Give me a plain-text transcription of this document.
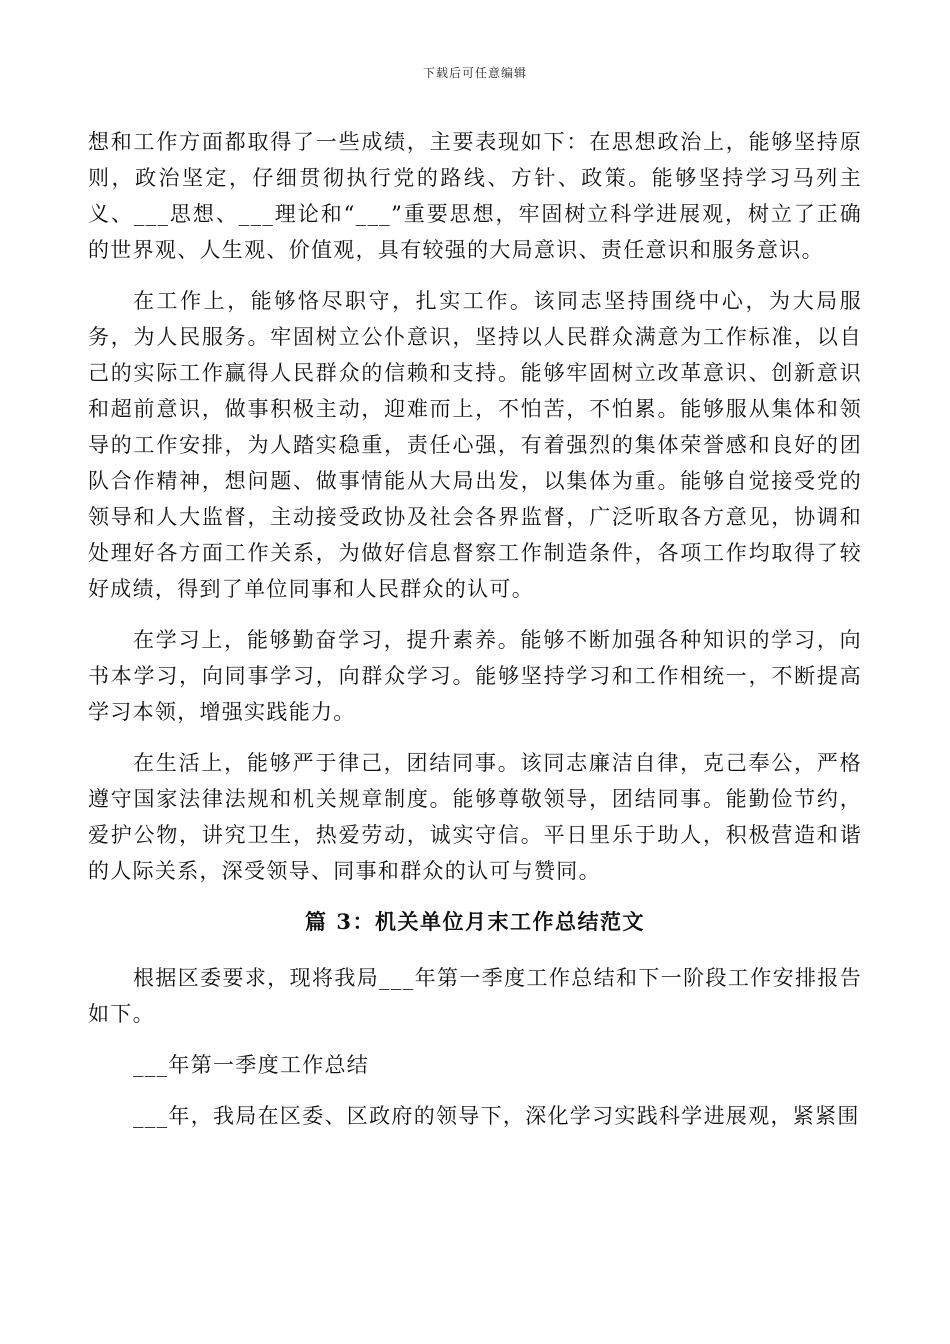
下载后可任意编辑

想和工作方面都取得了一些成绩，主要表现如下：在思想政治上，能够坚持原则，政治坚定，仔细贯彻执行党的路线、方针、政策。能够坚持学习马列主义、___思想、___理论和“___”重要思想，牢固树立科学进展观，树立了正确的世界观、人生观、价值观，具有较强的大局意识、责任意识和服务意识。

在工作上，能够恪尽职守，扎实工作。该同志坚持围绕中心，为大局服务，为人民服务。牢固树立公仆意识，坚持以人民群众满意为工作标准，以自己的实际工作赢得人民群众的信赖和支持。能够牢固树立改革意识、创新意识和超前意识，做事积极主动，迎难而上，不怕苦，不怕累。能够服从集体和领导的工作安排，为人踏实稳重，责任心强，有着强烈的集体荣誉感和良好的团队合作精神，想问题、做事情能从大局出发，以集体为重。能够自觉接受党的领导和人大监督，主动接受政协及社会各界监督，广泛听取各方意见，协调和处理好各方面工作关系，为做好信息督察工作制造条件，各项工作均取得了较好成绩，得到了单位同事和人民群众的认可。

在学习上，能够勤奋学习，提升素养。能够不断加强各种知识的学习，向书本学习，向同事学习，向群众学习。能够坚持学习和工作相统一，不断提高学习本领，增强实践能力。

在生活上，能够严于律己，团结同事。该同志廉洁自律，克己奉公，严格遵守国家法律法规和机关规章制度。能够尊敬领导，团结同事。能勤俭节约，爱护公物，讲究卫生，热爱劳动，诚实守信。平日里乐于助人，积极营造和谐的人际关系，深受领导、同事和群众的认可与赞同。

篇 3：机关单位月末工作总结范文

根据区委要求，现将我局___年第一季度工作总结和下一阶段工作安排报告如下。

___年第一季度工作总结

___年，我局在区委、区政府的领导下，深化学习实践科学进展观，紧紧围
